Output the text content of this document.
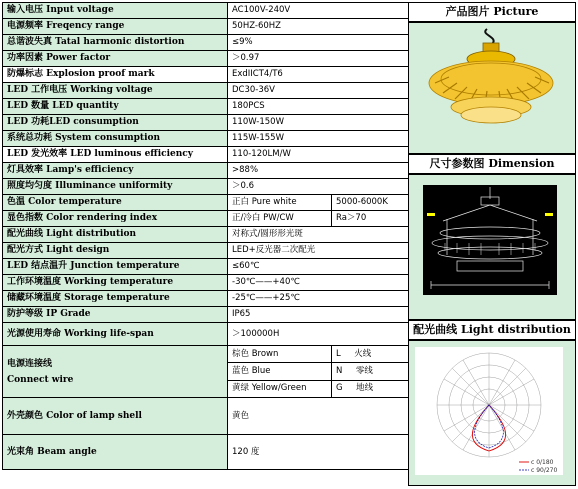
输入电压 Input voltage	AC100V-240V	
电源频率 Freqency range	50HZ-60HZ	
总谐波失真 Tatal harmonic distortion	≤9%	
功率因素 Power factor	＞0.97	
防爆标志 Explosion proof mark	ExdIICT4/T6	
LED 工作电压 Working voltage	DC30-36V	
LED 数量 LED quantity	180PCS	
LED 功耗LED consumption	110W-150W	
系统总功耗 System consumption	115W-155W	
LED 发光效率 LED luminous efficiency	110-120LM/W	
灯具效率 Lamp's efficiency	>88%	
照度均匀度 Illuminance uniformity	＞0.6	
色温 Color temperature	正白 Pure white	5000-6000K
显色指数 Color rendering index	正/冷白 PW/CW	Ra＞70
配光曲线 Light distribution	对称式/圆形形光斑	
配光方式 Light design	LED+反光器二次配光	
LED 结点温升 Junction temperature	≤60℃	
工作环境温度 Working temperature	-30℃——+40℃	
储藏环境温度 Storage temperature	-25℃——+25℃	
防护等级 IP Grade	IP65	
光源使用寿命 Working life-span	＞100000H	
电源连接线
Connect wire	棕色 Brown	L 火线
	蓝色 Blue	N 零线
	黄绿 Yellow/Green	G 地线
外壳颜色 Color of lamp shell	黄色	
光束角 Beam angle	120 度	
产品图片 Picture
尺寸参数图 Dimension
配光曲线 Light distribution
c 0/180
c 90/270
